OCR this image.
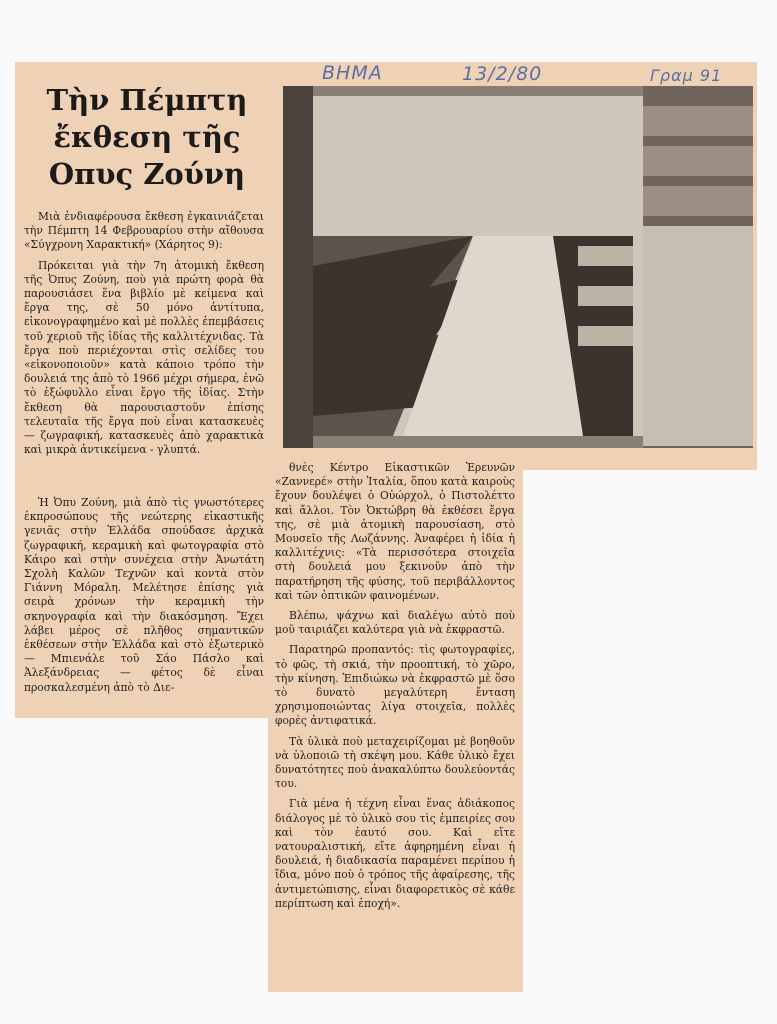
ΒΗΜΑ	13/2/80	Γραμ 91
Τὴν Πέμπτη ἔκθεση τῆς Οπυς Ζούνη

Μιὰ ἐνδιαφέρουσα ἔκθεση ἐγκαινιάζεται τὴν Πέμπτη 14 Φεβρουαρίου στὴν αἴθουσα «Σύγχρονη Χαρακτική» (Χάρητος 9):

Πρόκειται γιὰ τὴν 7η ἀτομικὴ ἔκθεση τῆς Ὀπυς Ζούνη, ποὺ γιὰ πρώτη φορὰ θὰ παρουσιάσει ἕνα βιβλίο μὲ κείμενα καὶ ἔργα της, σὲ 50 μόνο ἀντίτυπα, εἰκονογραφημένο καὶ μὲ πολλὲς ἐπεμβάσεις τοῦ χεριοῦ τῆς ἰδίας τῆς καλλιτέχνιδας. Τὰ ἔργα ποὺ περιέχονται στὶς σελίδες του «εἰκονοποιοῦν» κατὰ κάποιο τρόπο τὴν δουλειά της ἀπὸ τὸ 1966 μέχρι σήμερα, ἐνῶ τὸ ἐξώφυλλο εἶναι ἔργο τῆς ἰδίας. Στὴν ἔκθεση θὰ παρουσιαστοῦν ἐπίσης τελευταῖα τῆς ἔργα ποὺ εἶναι κατασκευὲς — ζωγραφική, κατασκευὲς ἀπὸ χαρακτικὰ καὶ μικρὰ ἀντικείμενα - γλυπτά.

Ἡ Ὀπυ Ζούνη, μιὰ ἀπὸ τὶς γνωστότερες ἐκπροσώπους τῆς νεώτερης εἰκαστικῆς γενιᾶς στὴν Ἑλλάδα σπούδασε ἀρχικὰ ζωγραφική, κεραμικὴ καὶ φωτογραφία στὸ Κάιρο καὶ στὴν συνέχεια στὴν Ἀνωτάτη Σχολὴ Καλῶν Τεχνῶν καὶ κοντὰ στὸν Γιάννη Μόραλη. Μελέτησε ἐπίσης γιὰ σειρὰ χρόνων τὴν κεραμικὴ τὴν σκηνογραφία καὶ τὴν διακόσμηση. Ἔχει λάβει μέρος σὲ πλῆθος σημαντικῶν ἐκθέσεων στὴν Ἑλλάδα καὶ στὸ ἐξωτερικὸ — Μπιενάλε τοῦ Σάο Πάσλο καὶ Ἀλεξάνδρειας — φέτος δὲ εἶναι προσκαλεσμένη ἀπὸ τὸ Διε-

θνὲς Κέντρο Εἰκαστικῶν Ἐρευνῶν «Ζαννερέ» στὴν Ἰταλία, ὅπου κατὰ καιροὺς ἔχουν δουλέψει ὁ Οὐώρχολ, ὁ Πιστολέττο καὶ ἄλλοι. Τὸν Ὀκτώβρη θὰ ἐκθέσει ἔργα της, σὲ μιὰ ἀτομικὴ παρουσίαση, στὸ Μουσεῖο τῆς Λωζάννης. Ἀναφέρει ἡ ἰδία ἡ καλλιτέχνις: «Τὰ περισσότερα στοιχεῖα στὴ δουλειά μου ξεκινοῦν ἀπὸ τὴν παρατήρηση τῆς φύσης, τοῦ περιβάλλοντος καὶ τῶν ὀπτικῶν φαινομένων.

Βλέπω, ψάχνω καὶ διαλέγω αὐτὸ ποὺ μοῦ ταιριάζει καλύτερα γιὰ νὰ ἐκφραστῶ.

Παρατηρῶ προπαντός: τὶς φωτογραφίες, τὸ φῶς, τὴ σκιά, τὴν προοπτική, τὸ χῶρο, τὴν κίνηση. Ἐπιδιώκω νὰ ἐκφραστῶ μὲ ὅσο τὸ δυνατὸ μεγαλύτερη ἔνταση χρησιμοποιώντας λίγα στοιχεῖα, πολλὲς φορὲς ἀντιφατικά.

Τὰ ὑλικὰ ποὺ μεταχειρίζομαι μὲ βοηθοῦν νὰ ὑλοποιῶ τὴ σκέψη μου. Κάθε ὑλικὸ ἔχει δυνατότητες ποὺ ἀνακαλύπτω δουλεύοντάς του.

Γιὰ μένα ἡ τέχνη εἶναι ἕνας ἀδιάκοπος διάλογος μὲ τὸ ὑλικὸ σου τὶς ἐμπειρίες σου καὶ τὸν ἑαυτό σου. Καὶ εἴτε νατουραλιστική, εἴτε ἀφηρημένη εἶναι ἡ δουλειά, ἡ διαδικασία παραμένει περίπου ἡ ἴδια, μόνο ποὺ ὁ τρόπος τῆς ἀφαίρεσης, τῆς ἀντιμετώπισης, εἶναι διαφορετικὸς σὲ κάθε περίπτωση καὶ ἐποχή».
